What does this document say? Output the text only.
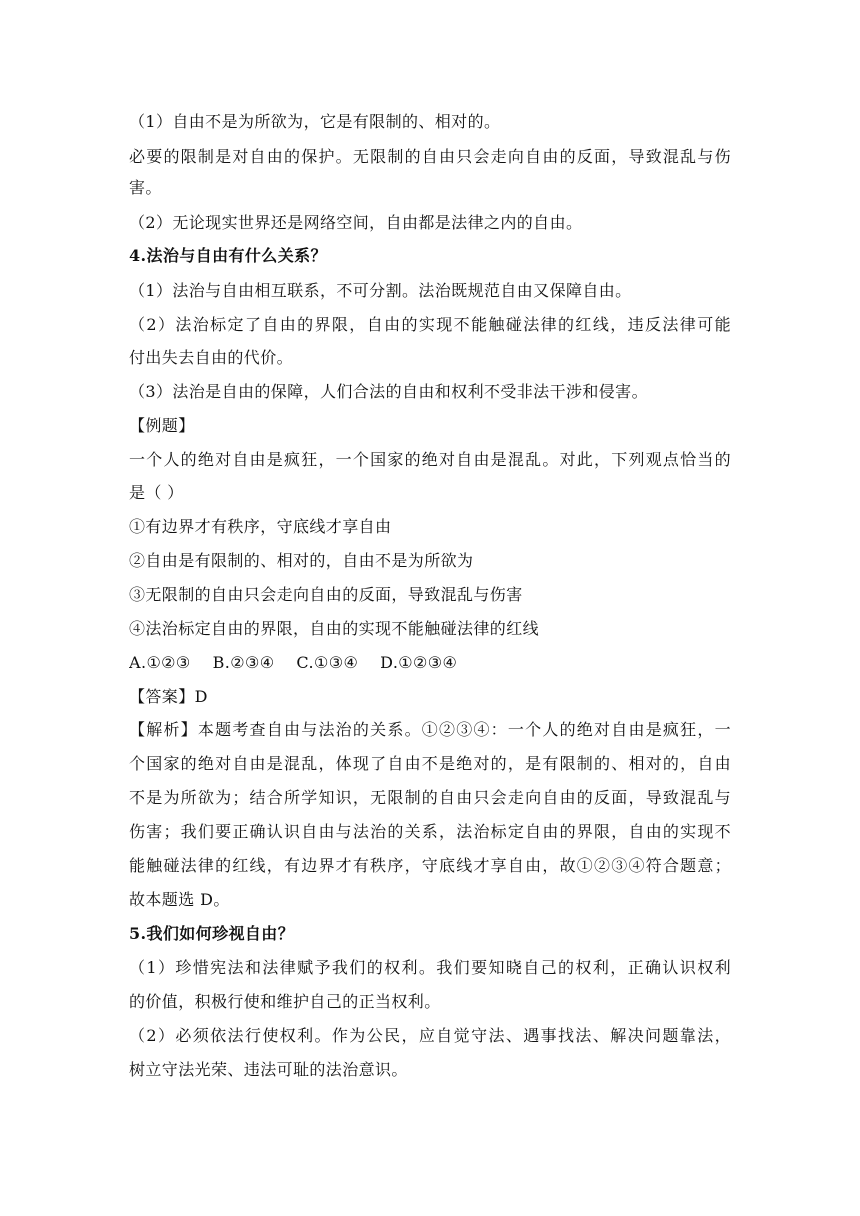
（1）自由不是为所欲为，它是有限制的、相对的。
必要的限制是对自由的保护。无限制的自由只会走向自由的反面，导致混乱与伤
害。
（2）无论现实世界还是网络空间，自由都是法律之内的自由。
4.法治与自由有什么关系？
（1）法治与自由相互联系，不可分割。法治既规范自由又保障自由。
（2）法治标定了自由的界限，自由的实现不能触碰法律的红线，违反法律可能
付出失去自由的代价。
（3）法治是自由的保障，人们合法的自由和权利不受非法干涉和侵害。
【例题】
一个人的绝对自由是疯狂，一个国家的绝对自由是混乱。对此，下列观点恰当的
是（ ）
①有边界才有秩序，守底线才享自由
②自由是有限制的、相对的，自由不是为所欲为
③无限制的自由只会走向自由的反面，导致混乱与伤害
④法治标定自由的界限，自由的实现不能触碰法律的红线
A.①②③    B.②③④    C.①③④    D.①②③④
【答案】D
【解析】本题考查自由与法治的关系。①②③④：一个人的绝对自由是疯狂，一
个国家的绝对自由是混乱，体现了自由不是绝对的，是有限制的、相对的，自由
不是为所欲为；结合所学知识，无限制的自由只会走向自由的反面，导致混乱与
伤害；我们要正确认识自由与法治的关系，法治标定自由的界限，自由的实现不
能触碰法律的红线，有边界才有秩序，守底线才享自由，故①②③④符合题意；
故本题选 D。
5.我们如何珍视自由？
（1）珍惜宪法和法律赋予我们的权利。我们要知晓自己的权利，正确认识权利
的价值，积极行使和维护自己的正当权利。
（2）必须依法行使权利。作为公民，应自觉守法、遇事找法、解决问题靠法，
树立守法光荣、违法可耻的法治意识。
